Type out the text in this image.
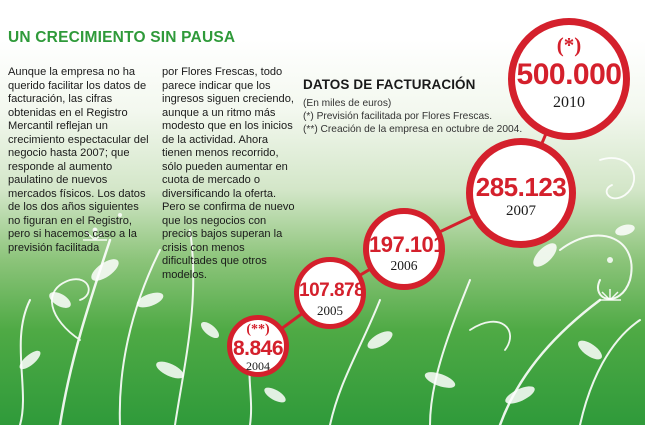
UN CRECIMIENTO SIN PAUSA
Aunque la empresa no ha querido facilitar los datos de facturación, las cifras obtenidas en el Registro Mercantil reflejan un crecimiento espectacular del negocio hasta 2007; que responde al aumento paulatino de nuevos mercados físicos. Los datos de los dos años siguientes no figuran en el Registro, pero si hacemos caso a la previsión facilitada
por Flores Frescas, todo parece indicar que los ingresos siguen creciendo, aunque a un ritmo más modesto que en los inicios de la actividad. Ahora tienen menos recorrido, sólo pueden aumentar en cuota de mercado o diversificando la oferta. Pero se confirma de nuevo que los negocios con precios bajos superan la crisis con menos dificultades que otros modelos.
DATOS DE FACTURACIÓN
(En miles de euros)
(*) Previsión facilitada por Flores Frescas.
(**) Creación de la empresa en octubre de 2004.
(**)
8.846
2004
107.878
2005
197.101
2006
285.123
2007
(*)
500.000
2010
